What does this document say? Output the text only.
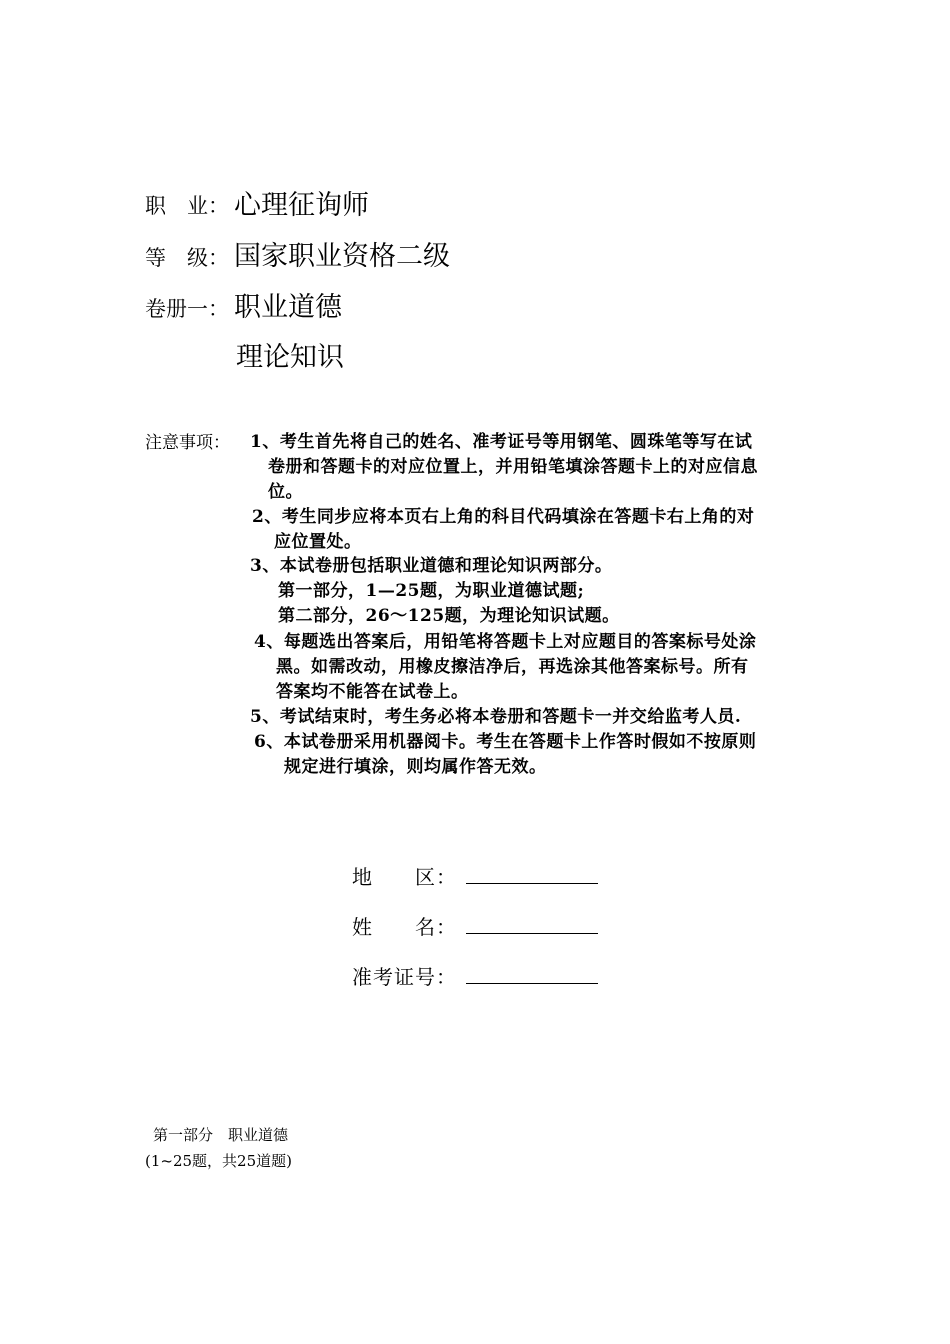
职　业： 心理征询师
等　级： 国家职业资格二级
卷册一： 职业道德
理论知识
注意事项： 1、考生首先将自己的姓名、准考证号等用钢笔、圆珠笔等写在试
卷册和答题卡的对应位置上，并用铅笔填涂答题卡上的对应信息
位。
2、考生同步应将本页右上角的科目代码填涂在答题卡右上角的对
应位置处。
3、本试卷册包括职业道德和理论知识两部分。
第一部分，1—25题，为职业道德试题;
第二部分，26～125题，为理论知识试题。
4、每题选出答案后，用铅笔将答题卡上对应题目的答案标号处涂
黑。如需改动，用橡皮擦洁净后，再选涂其他答案标号。所有
答案均不能答在试卷上。
5、考试结束时，考生务必将本卷册和答题卡一并交给监考人员.
6、本试卷册采用机器阅卡。考生在答题卡上作答时假如不按原则
规定进行填涂，则均属作答无效。
地　　区：
姓　　名：
准考证号：
第一部分　职业道德
(1~25题，共25道题)
